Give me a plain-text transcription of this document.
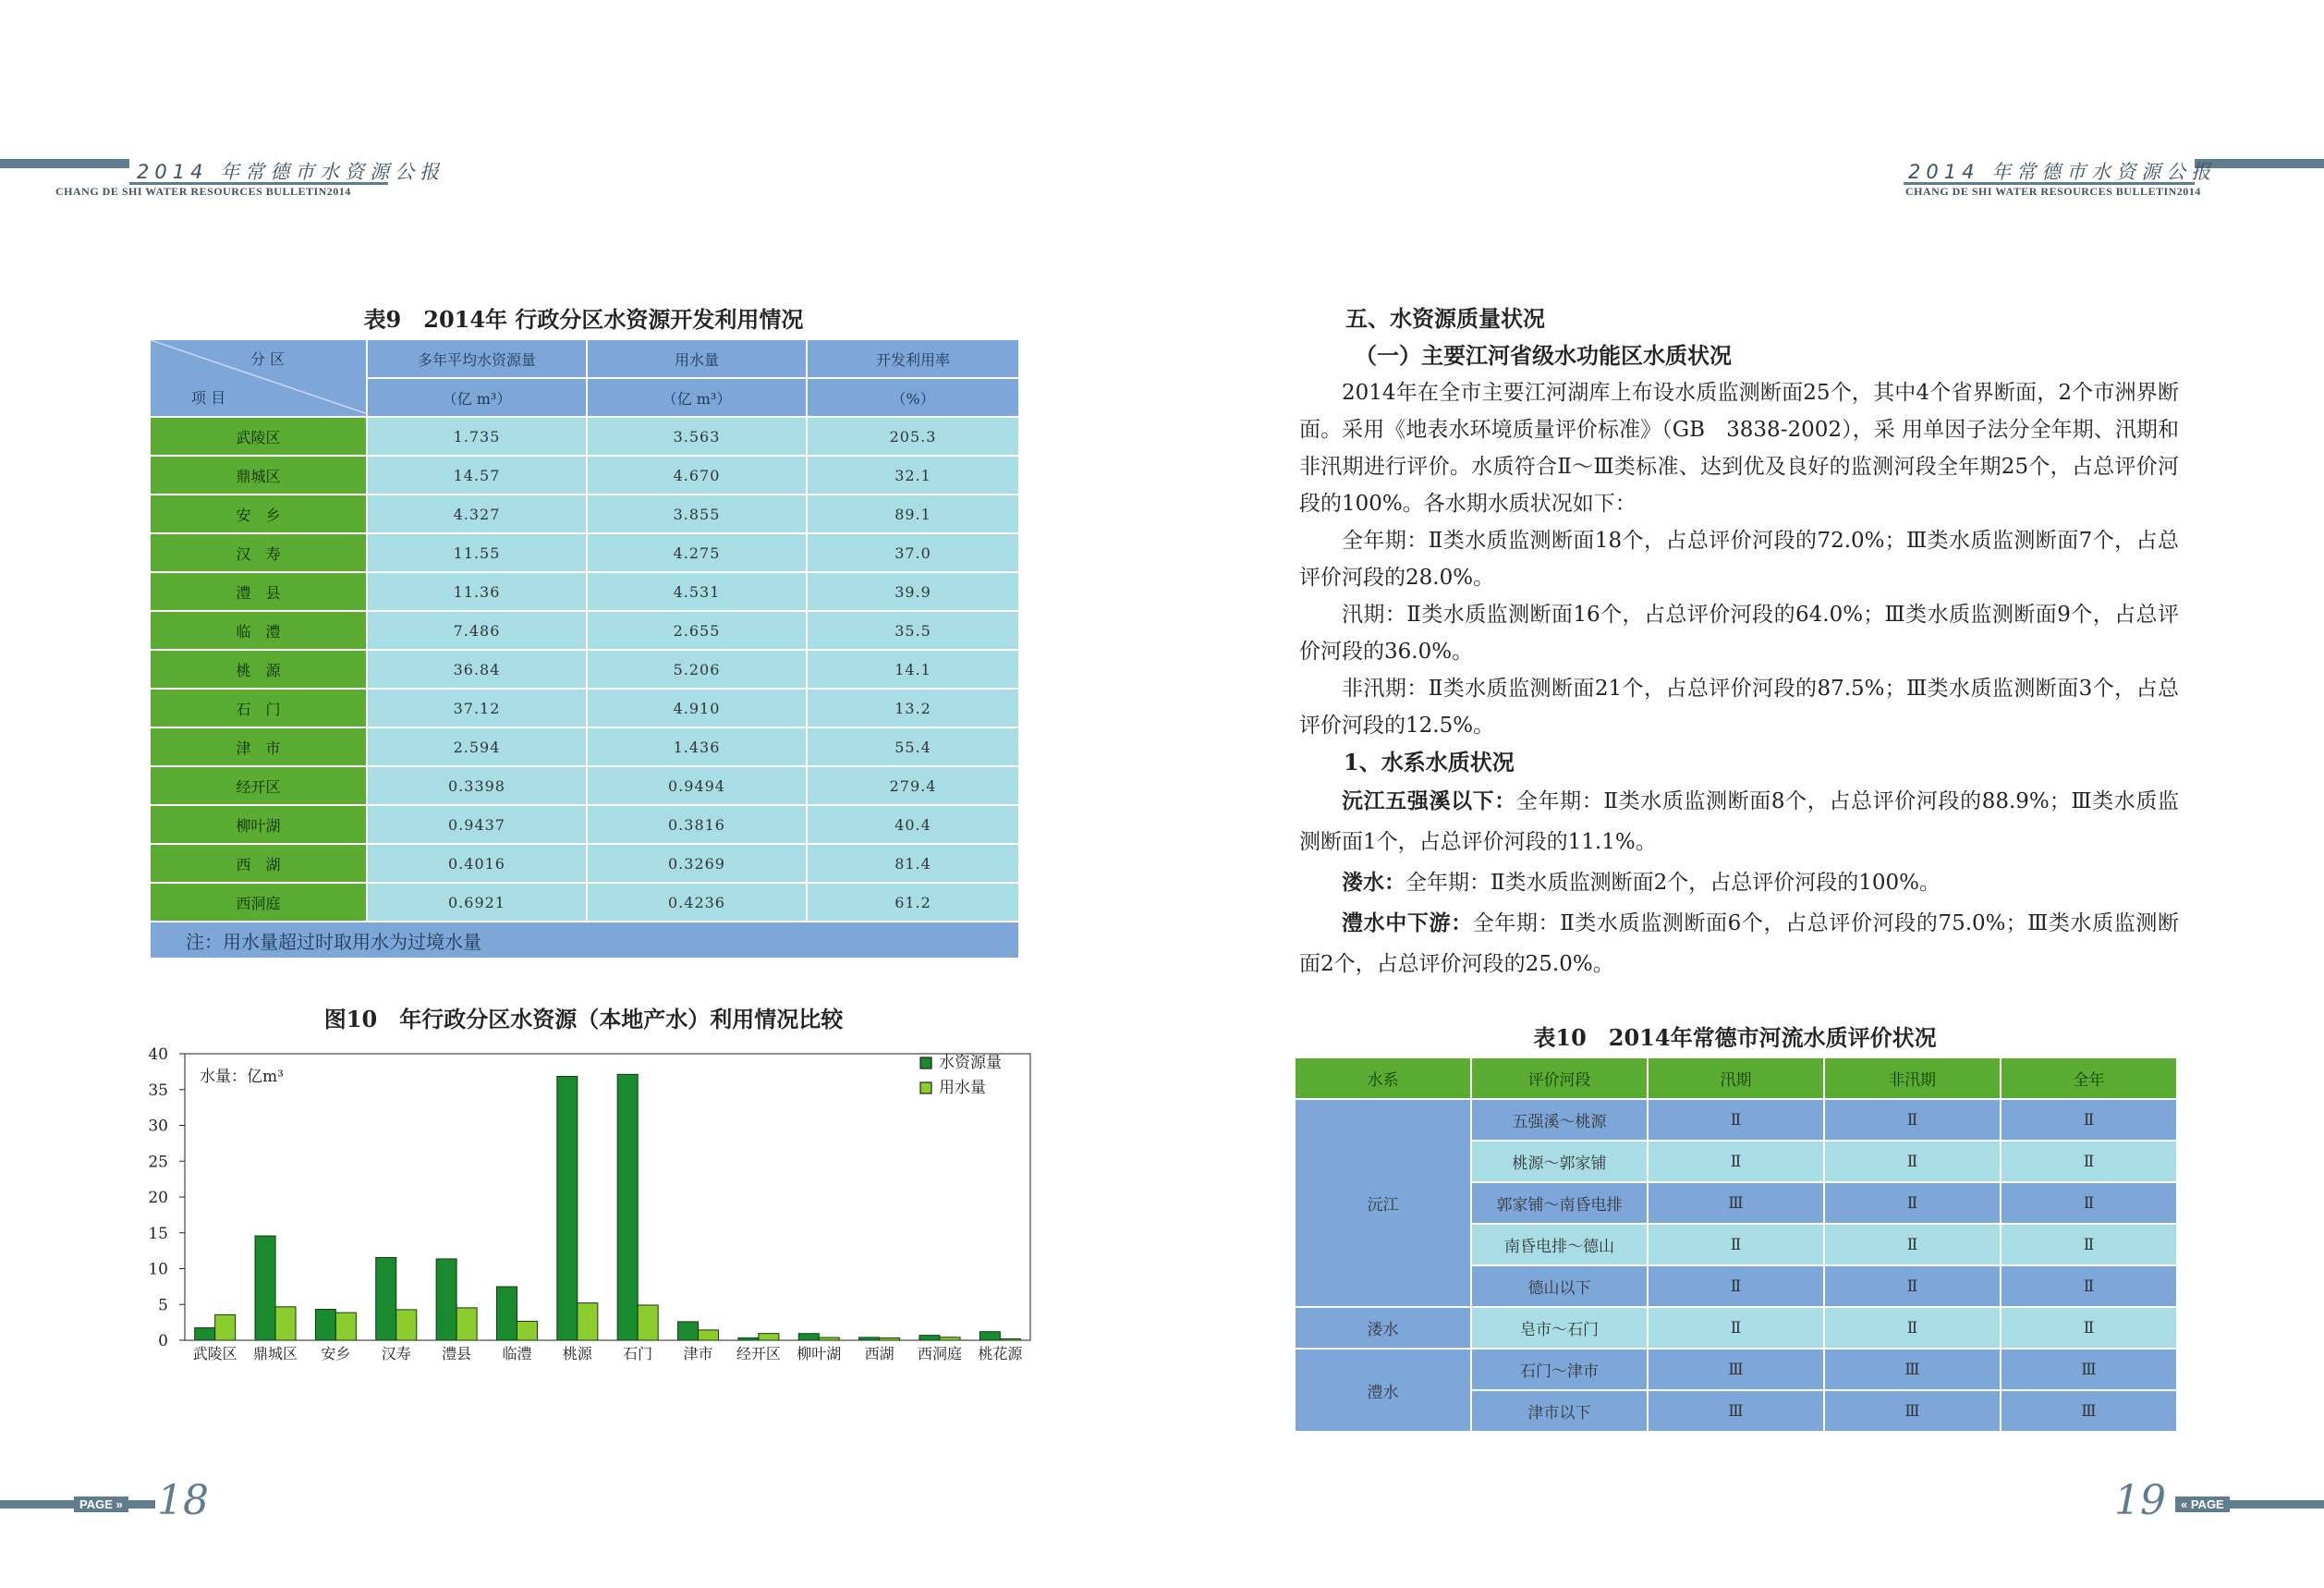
2014 年常德市水资源公报
CHANG DE SHI WATER RESOURCES BULLETIN2014
2014 年常德市水资源公报
CHANG DE SHI WATER RESOURCES BULLETIN2014
表9　2014年 行政分区水资源开发利用情况
分 区
项 目	多年平均水资源量	用水量	开发利用率
	（亿 m³）	（亿 m³）	（%）
武陵区	1.735	3.563	205.3
鼎城区	14.57	4.670	32.1
安　乡	4.327	3.855	89.1
汉　寿	11.55	4.275	37.0
澧　县	11.36	4.531	39.9
临　澧	7.486	2.655	35.5
桃　源	36.84	5.206	14.1
石　门	37.12	4.910	13.2
津　市	2.594	1.436	55.4
经开区	0.3398	0.9494	279.4
柳叶湖	0.9437	0.3816	40.4
西　湖	0.4016	0.3269	81.4
西洞庭	0.6921	0.4236	61.2
注：用水量超过时取用水为过境水量			
图10　年行政分区水资源（本地产水）利用情况比较
0
5
10
15
20
25
30
35
40
水量：亿m³
武陵区 鼎城区 安乡 汉寿 澧县 临澧 桃源 石门 津市 经开区 柳叶湖 西湖 西洞庭 桃花源
水资源量
用水量

五、水资源质量状况

（一）主要江河省级水功能区水质状况

2014年在全市主要江河湖库上布设水质监测断面25个，其中4个省界断面，2个市洲界断面。采用《地表水环境质量评价标准》（GB　3838-2002），采 用单因子法分全年期、汛期和非汛期进行评价。水质符合Ⅱ～Ⅲ类标准、达到优及良好的监测河段全年期25个，占总评价河段的100%。各水期水质状况如下：

全年期：Ⅱ类水质监测断面18个，占总评价河段的72.0%；Ⅲ类水质监测断面7个，占总评价河段的28.0%。

汛期：Ⅱ类水质监测断面16个，占总评价河段的64.0%；Ⅲ类水质监测断面9个，占总评价河段的36.0%。

非汛期：Ⅱ类水质监测断面21个，占总评价河段的87.5%；Ⅲ类水质监测断面3个，占总评价河段的12.5%。

1、水系水质状况

沅江五强溪以下：全年期：Ⅱ类水质监测断面8个，占总评价河段的88.9%；Ⅲ类水质监测断面1个，占总评价河段的11.1%。

溇水：全年期：Ⅱ类水质监测断面2个，占总评价河段的100%。

澧水中下游：全年期：Ⅱ类水质监测断面6个，占总评价河段的75.0%；Ⅲ类水质监测断面2个，占总评价河段的25.0%。

表10　2014年常德市河流水质评价状况
水系	评价河段	汛期	非汛期	全年
沅江	五强溪～桃源	Ⅱ	Ⅱ	Ⅱ
	桃源～郭家铺	Ⅱ	Ⅱ	Ⅱ
	郭家铺～南昏电排	Ⅲ	Ⅱ	Ⅱ
	南昏电排～德山	Ⅱ	Ⅱ	Ⅱ
	德山以下	Ⅱ	Ⅱ	Ⅱ
溇水	皂市～石门	Ⅱ	Ⅱ	Ⅱ
澧水	石门～津市	Ⅲ	Ⅲ	Ⅲ
	津市以下	Ⅲ	Ⅲ	Ⅲ
PAGE » 18	« PAGE
19
